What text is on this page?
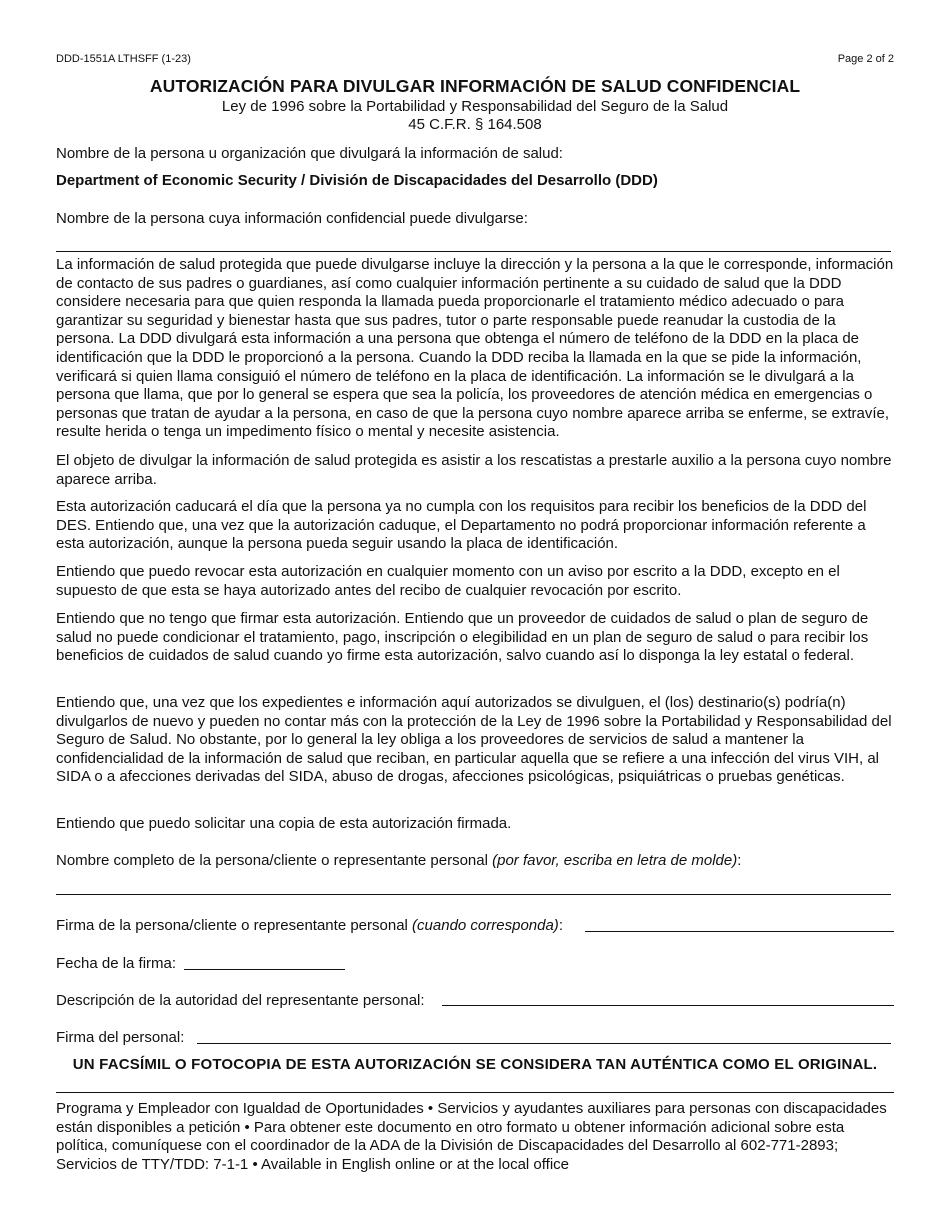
DDD-1551A LTHSFF (1-23)	Page 2 of 2
AUTORIZACIÓN PARA DIVULGAR INFORMACIÓN DE SALUD CONFIDENCIAL
Ley de 1996 sobre la Portabilidad y Responsabilidad del Seguro de la Salud
45 C.F.R. § 164.508
Nombre de la persona u organización que divulgará la información de salud:
Department of Economic Security / División de Discapacidades del Desarrollo (DDD)
Nombre de la persona cuya información confidencial puede divulgarse:
La información de salud protegida que puede divulgarse incluye la dirección y la persona a la que le corresponde, información de contacto de sus padres o guardianes, así como cualquier información pertinente a su cuidado de salud que la DDD considere necesaria para que quien responda la llamada pueda proporcionarle el tratamiento médico adecuado o para garantizar su seguridad y bienestar hasta que sus padres, tutor o parte responsable puede reanudar la custodia de la persona. La DDD divulgará esta información a una persona que obtenga el número de teléfono de la DDD en la placa de identificación que la DDD le proporcionó a la persona. Cuando la DDD reciba la llamada en la que se pide la información, verificará si quien llama consiguió el número de teléfono en la placa de identificación. La información se le divulgará a la persona que llama, que por lo general se espera que sea la policía, los proveedores de atención médica en emergencias o personas que tratan de ayudar a la persona, en caso de que la persona cuyo nombre aparece arriba se enferme, se extravíe, resulte herida o tenga un impedimento físico o mental y necesite asistencia.
El objeto de divulgar la información de salud protegida es asistir a los rescatistas a prestarle auxilio a la persona cuyo nombre aparece arriba.
Esta autorización caducará el día que la persona ya no cumpla con los requisitos para recibir los beneficios de la DDD del DES. Entiendo que, una vez que la autorización caduque, el Departamento no podrá proporcionar información referente a esta autorización, aunque la persona pueda seguir usando la placa de identificación.
Entiendo que puedo revocar esta autorización en cualquier momento con un aviso por escrito a la DDD, excepto en el supuesto de que esta se haya autorizado antes del recibo de cualquier revocación por escrito.
Entiendo que no tengo que firmar esta autorización. Entiendo que un proveedor de cuidados de salud o plan de seguro de salud no puede condicionar el tratamiento, pago, inscripción o elegibilidad en un plan de seguro de salud o para recibir los beneficios de cuidados de salud cuando yo firme esta autorización, salvo cuando así lo disponga la ley estatal o federal.
Entiendo que, una vez que los expedientes e información aquí autorizados se divulguen, el (los) destinario(s) podría(n) divulgarlos de nuevo y pueden no contar más con la protección de la Ley de 1996 sobre la Portabilidad y Responsabilidad del Seguro de Salud. No obstante, por lo general la ley obliga a los proveedores de servicios de salud a mantener la confidencialidad de la información de salud que reciban, en particular aquella que se refiere a una infección del virus VIH, al SIDA o a afecciones derivadas del SIDA, abuso de drogas, afecciones psicológicas, psiquiátricas o pruebas genéticas.
Entiendo que puedo solicitar una copia de esta autorización firmada.
Nombre completo de la persona/cliente o representante personal (por favor, escriba en letra de molde):
Firma de la persona/cliente o representante personal (cuando corresponda):
Fecha de la firma:
Descripción de la autoridad del representante personal:
Firma del personal:
UN FACSÍMIL O FOTOCOPIA DE ESTA AUTORIZACIÓN SE CONSIDERA TAN AUTÉNTICA COMO EL ORIGINAL.
Programa y Empleador con Igualdad de Oportunidades • Servicios y ayudantes auxiliares para personas con discapacidades están disponibles a petición • Para obtener este documento en otro formato u obtener información adicional sobre esta política, comuníquese con el coordinador de la ADA de la División de Discapacidades del Desarrollo al 602-771-2893; Servicios de TTY/TDD: 7-1-1 • Available in English online or at the local office
